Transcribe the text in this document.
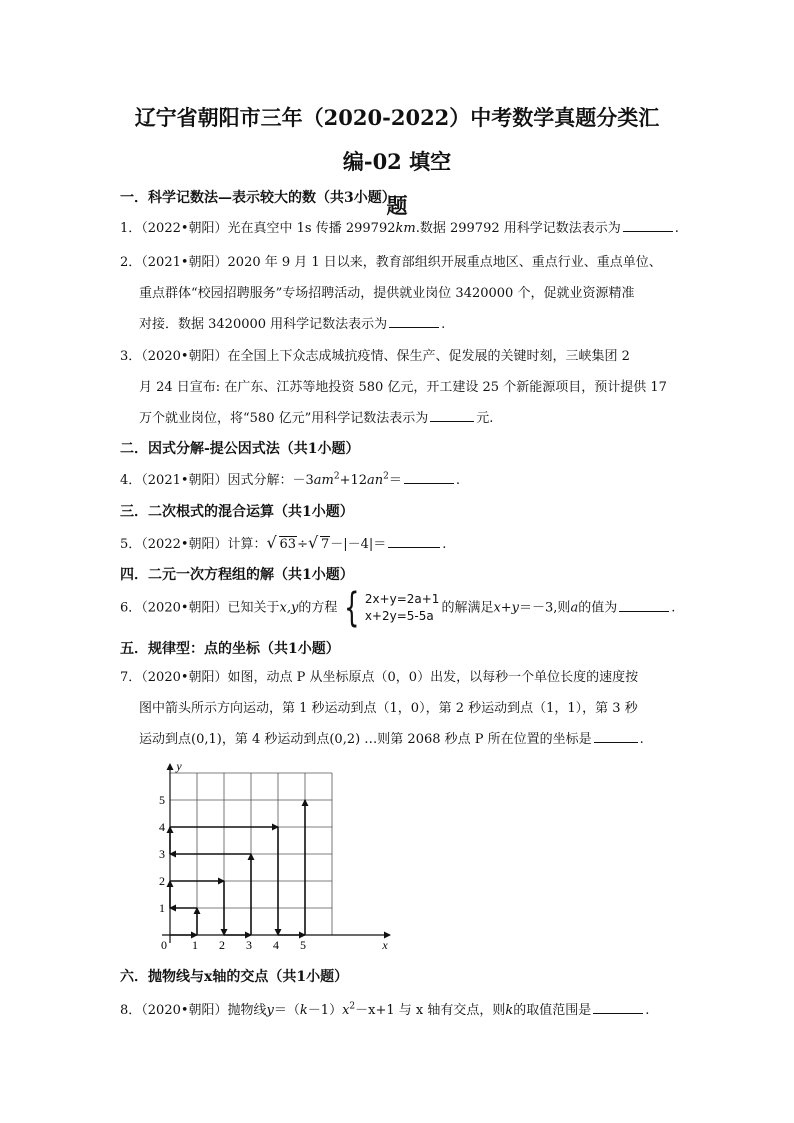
辽宁省朝阳市三年（2020-2022）中考数学真题分类汇编-02 填空
题
一．科学记数法—表示较大的数（共3小题）
1．（2022•朝阳）光在真空中 1s 传播 299792km.数据 299792 用科学记数法表示为	.
2．（2021•朝阳）2020 年 9 月 1 日以来，教育部组织开展重点地区、重点行业、重点单位、
重点群体“校园招聘服务”专场招聘活动，提供就业岗位 3420000 个，促就业资源精准
对接．数据 3420000 用科学记数法表示为	.
3．（2020•朝阳）在全国上下众志成城抗疫情、保生产、促发展的关键时刻，三峡集团 2
月 24 日宣布: 在广东、江苏等地投资 580 亿元，开工建设 25 个新能源项目，预计提供 17
万个就业岗位，将“580 亿元”用科学记数法表示为	元.
二．因式分解-提公因式法（共1小题）
4．（2021•朝阳）因式分解：$-3am^2+12an^2=$	.
三．二次根式的混合运算（共1小题）
5．（2022•朝阳）计算： √ 63÷ √ 7－|－4|＝	.
四．二元一次方程组的解（共1小题）
6．（2020•朝阳）已知关于x,y的方程 { 2x+y=2a+1
x+2y=5-5a
的解满足x+y＝－3,则a的值为	.
五．规律型：点的坐标（共1小题）
7．（2020•朝阳）如图，动点 P 从坐标原点（0，0）出发，以每秒一个单位长度的速度按
图中箭头所示方向运动，第 1 秒运动到点（1，0），第 2 秒运动到点（1，1），第 3 秒
运动到点(0,1)，第 4 秒运动到点(0,2) …则第 2068 秒点 P 所在位置的坐标是	.
0 1 2 3 4 5
1
2
3
4
5
x
y
六．抛物线与x轴的交点（共1小题）
8．（2020•朝阳）抛物线$y=(k-1)x^2-x+1$ 与 x 轴有交点，则k的取值范围是	.
